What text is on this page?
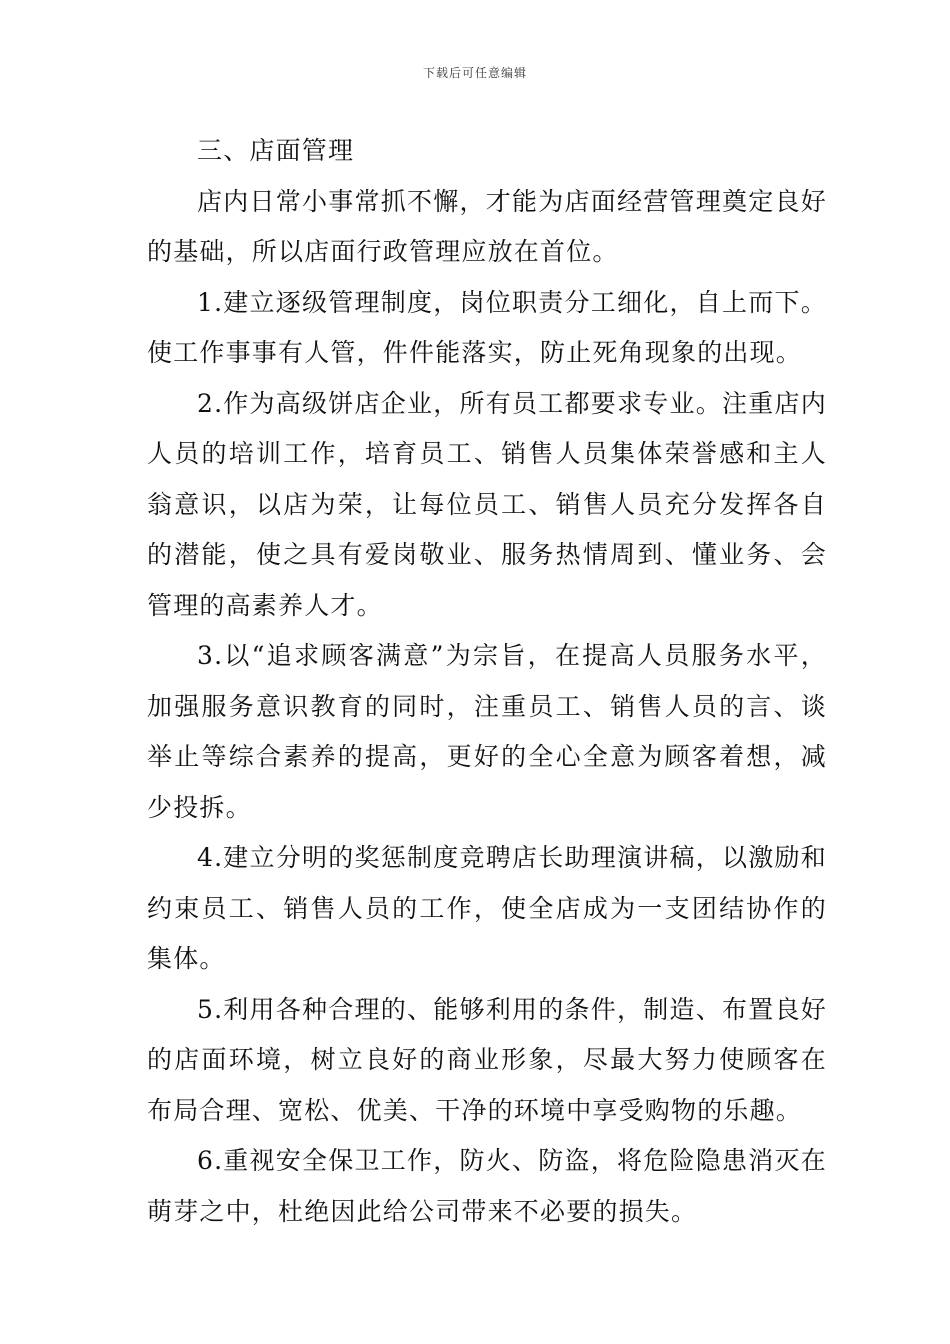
下载后可任意编辑
三、店面管理

店内日常小事常抓不懈，才能为店面经营管理奠定良好的基础，所以店面行政管理应放在首位。

1.建立逐级管理制度，岗位职责分工细化，自上而下。使工作事事有人管，件件能落实，防止死角现象的出现。

2.作为高级饼店企业，所有员工都要求专业。注重店内人员的培训工作，培育员工、销售人员集体荣誉感和主人翁意识，以店为荣，让每位员工、销售人员充分发挥各自的潜能，使之具有爱岗敬业、服务热情周到、懂业务、会管理的高素养人才。

3.以“追求顾客满意”为宗旨，在提高人员服务水平，加强服务意识教育的同时，注重员工、销售人员的言、谈举止等综合素养的提高，更好的全心全意为顾客着想，减少投拆。

4.建立分明的奖惩制度竞聘店长助理演讲稿，以激励和约束员工、销售人员的工作，使全店成为一支团结协作的集体。

5.利用各种合理的、能够利用的条件，制造、布置良好的店面环境，树立良好的商业形象，尽最大努力使顾客在布局合理、宽松、优美、干净的环境中享受购物的乐趣。

6.重视安全保卫工作，防火、防盗，将危险隐患消灭在萌芽之中，杜绝因此给公司带来不必要的损失。
